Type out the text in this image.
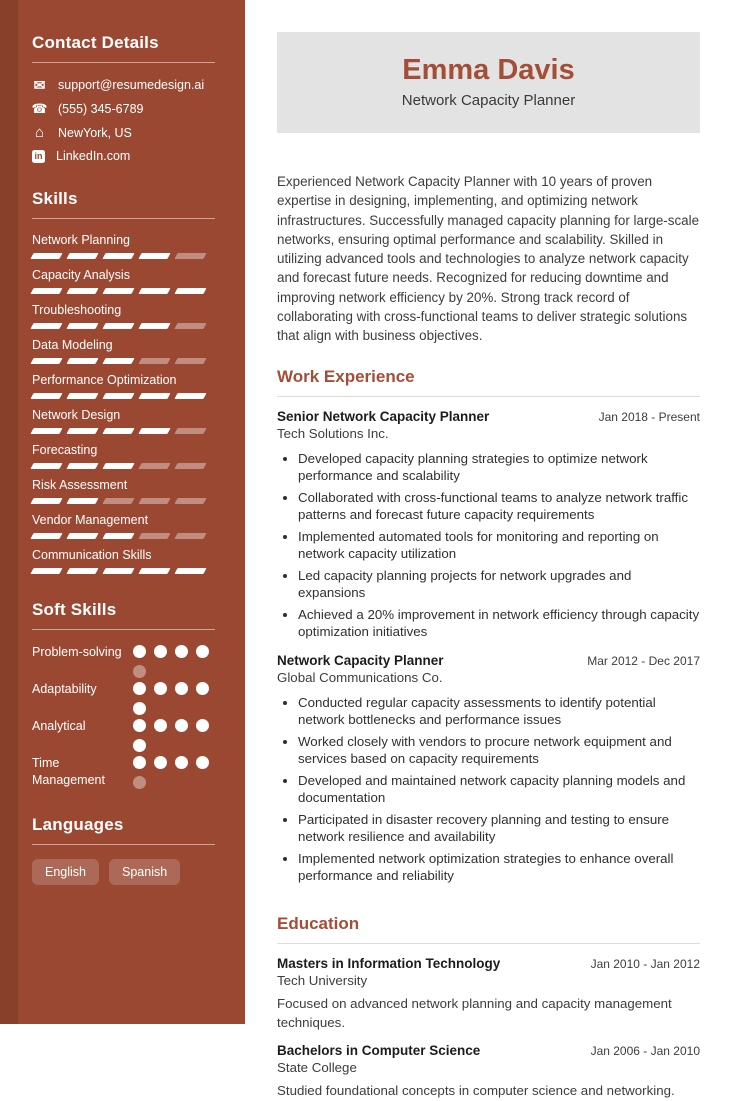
Contact Details
✉
support@resumedesign.ai
☎
(555) 345-6789
⌂
NewYork, US
in
LinkedIn.com
Skills
Network Planning
Capacity Analysis
Troubleshooting
Data Modeling
Performance Optimization
Network Design
Forecasting
Risk Assessment
Vendor Management
Communication Skills
Soft Skills
Problem-solving
Adaptability
Analytical
Time Management
Languages
English	Spanish
Emma Davis
Network Capacity Planner

Experienced Network Capacity Planner with 10 years of proven expertise in designing, implementing, and optimizing network infrastructures. Successfully managed capacity planning for large-scale networks, ensuring optimal performance and scalability. Skilled in utilizing advanced tools and technologies to analyze network capacity and forecast future needs. Recognized for reducing downtime and improving network efficiency by 20%. Strong track record of collaborating with cross-functional teams to deliver strategic solutions that align with business objectives.

Work Experience
Senior Network Capacity Planner	Jan 2018 - Present
Tech Solutions Inc.
• Developed capacity planning strategies to optimize network performance and scalability
• Collaborated with cross-functional teams to analyze network traffic patterns and forecast future capacity requirements
• Implemented automated tools for monitoring and reporting on network capacity utilization
• Led capacity planning projects for network upgrades and expansions
• Achieved a 20% improvement in network efficiency through capacity optimization initiatives
Network Capacity Planner	Mar 2012 - Dec 2017
Global Communications Co.
• Conducted regular capacity assessments to identify potential network bottlenecks and performance issues
• Worked closely with vendors to procure network equipment and services based on capacity requirements
• Developed and maintained network capacity planning models and documentation
• Participated in disaster recovery planning and testing to ensure network resilience and availability
• Implemented network optimization strategies to enhance overall performance and reliability
Education
Masters in Information Technology	Jan 2010 - Jan 2012
Tech University

Focused on advanced network planning and capacity management techniques.

Bachelors in Computer Science	Jan 2006 - Jan 2010
State College

Studied foundational concepts in computer science and networking.
